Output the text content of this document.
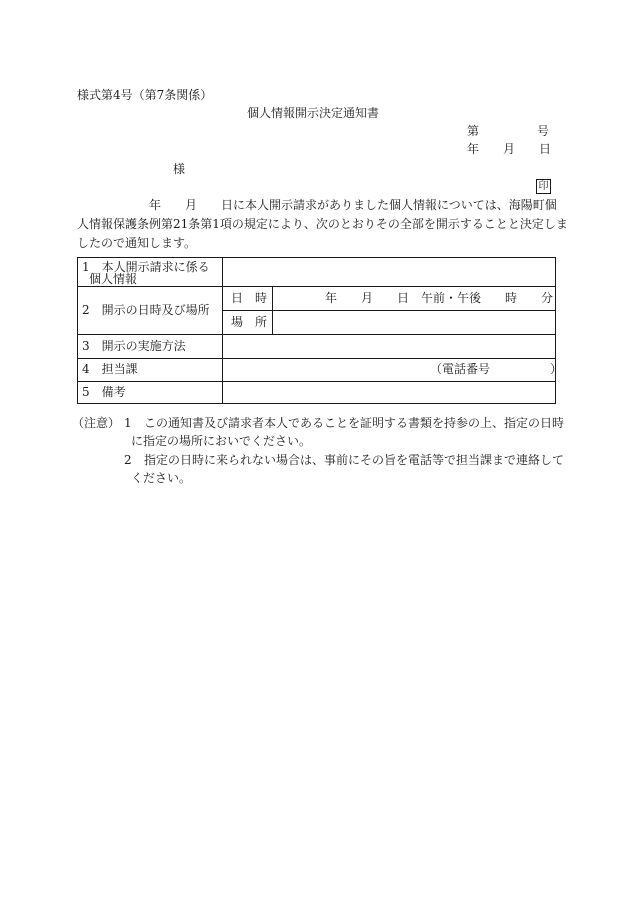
様式第4号（第7条関係）
個人情報開示決定通知書
第	号
年 月 日
様
印
　　　　　　年　　月　　日に本人開示請求がありました個人情報については、海陽町個
人情報保護条例第21条第1項の規定により、次のとおりその全部を開示することと決定しま
したので通知します。
1　本人開示請求に係る
個人情報
2　開示の日時及び場所
日　時	年　　月　　日　午前・午後　　時　　分
場　所
3　開示の実施方法
4　担当課	（電話番号　　　　　）
5　備考
（注意） 1 この通知書及び請求者本人であることを証明する書類を持参の上、指定の日時
に指定の場所においでください。
2 指定の日時に来られない場合は、事前にその旨を電話等で担当課まで連絡して
ください。
